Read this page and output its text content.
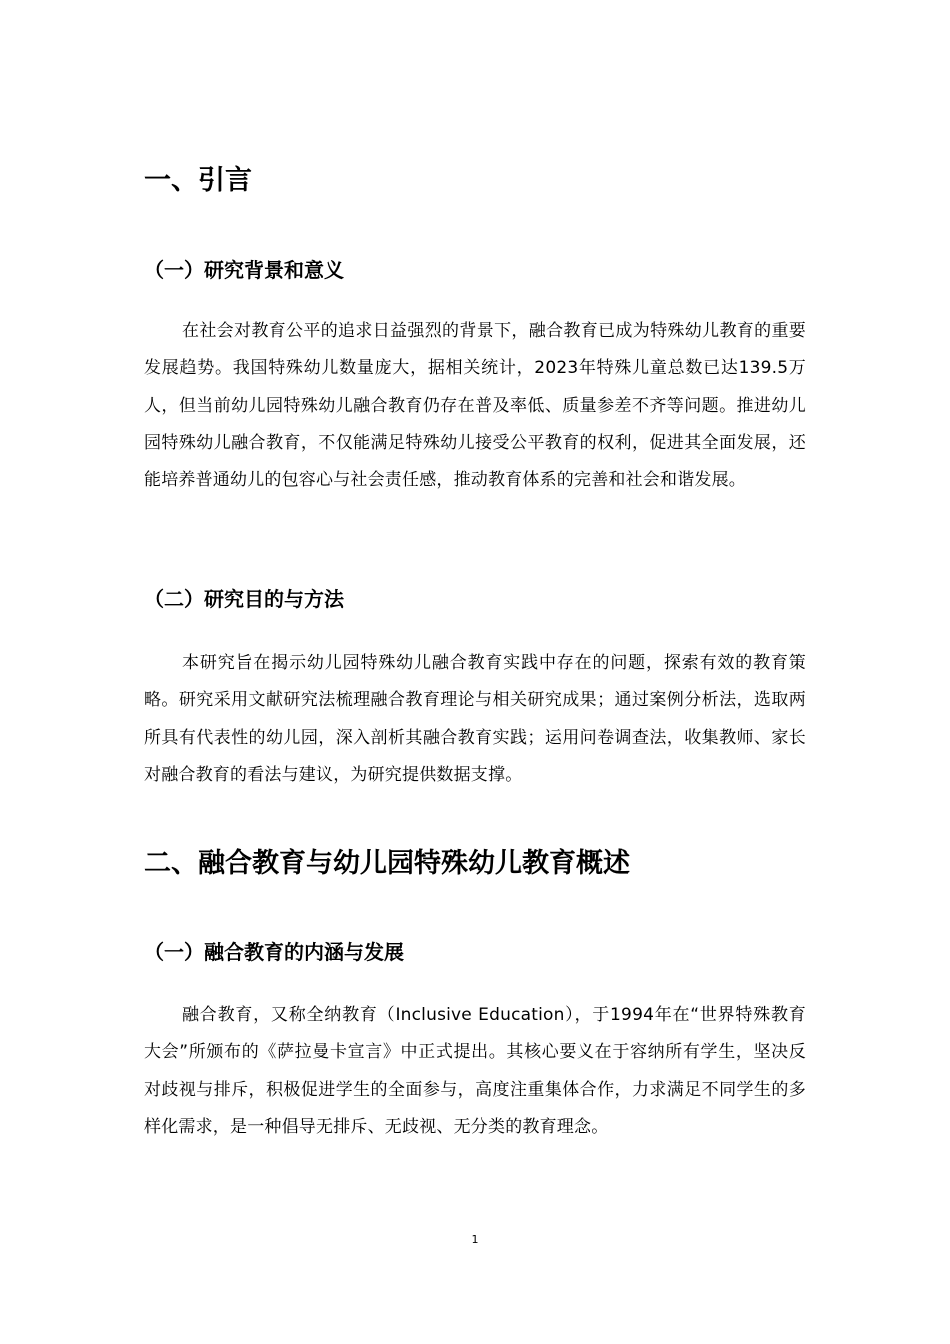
一、引言
（一）研究背景和意义
在社会对教育公平的追求日益强烈的背景下，融合教育已成为特殊幼儿教育的重要发展趋势。我国特殊幼儿数量庞大，据相关统计，2023年特殊儿童总数已达139.5万人，但当前幼儿园特殊幼儿融合教育仍存在普及率低、质量参差不齐等问题。推进幼儿园特殊幼儿融合教育，不仅能满足特殊幼儿接受公平教育的权利，促进其全面发展，还能培养普通幼儿的包容心与社会责任感，推动教育体系的完善和社会和谐发展。
（二）研究目的与方法
本研究旨在揭示幼儿园特殊幼儿融合教育实践中存在的问题，探索有效的教育策略。研究采用文献研究法梳理融合教育理论与相关研究成果；通过案例分析法，选取两所具有代表性的幼儿园，深入剖析其融合教育实践；运用问卷调查法，收集教师、家长对融合教育的看法与建议，为研究提供数据支撑。
二、融合教育与幼儿园特殊幼儿教育概述
（一）融合教育的内涵与发展
融合教育，又称全纳教育（Inclusive Education），于1994年在“世界特殊教育大会”所颁布的《萨拉曼卡宣言》中正式提出。其核心要义在于容纳所有学生，坚决反对歧视与排斥，积极促进学生的全面参与，高度注重集体合作，力求满足不同学生的多样化需求，是一种倡导无排斥、无歧视、无分类的教育理念。
1
